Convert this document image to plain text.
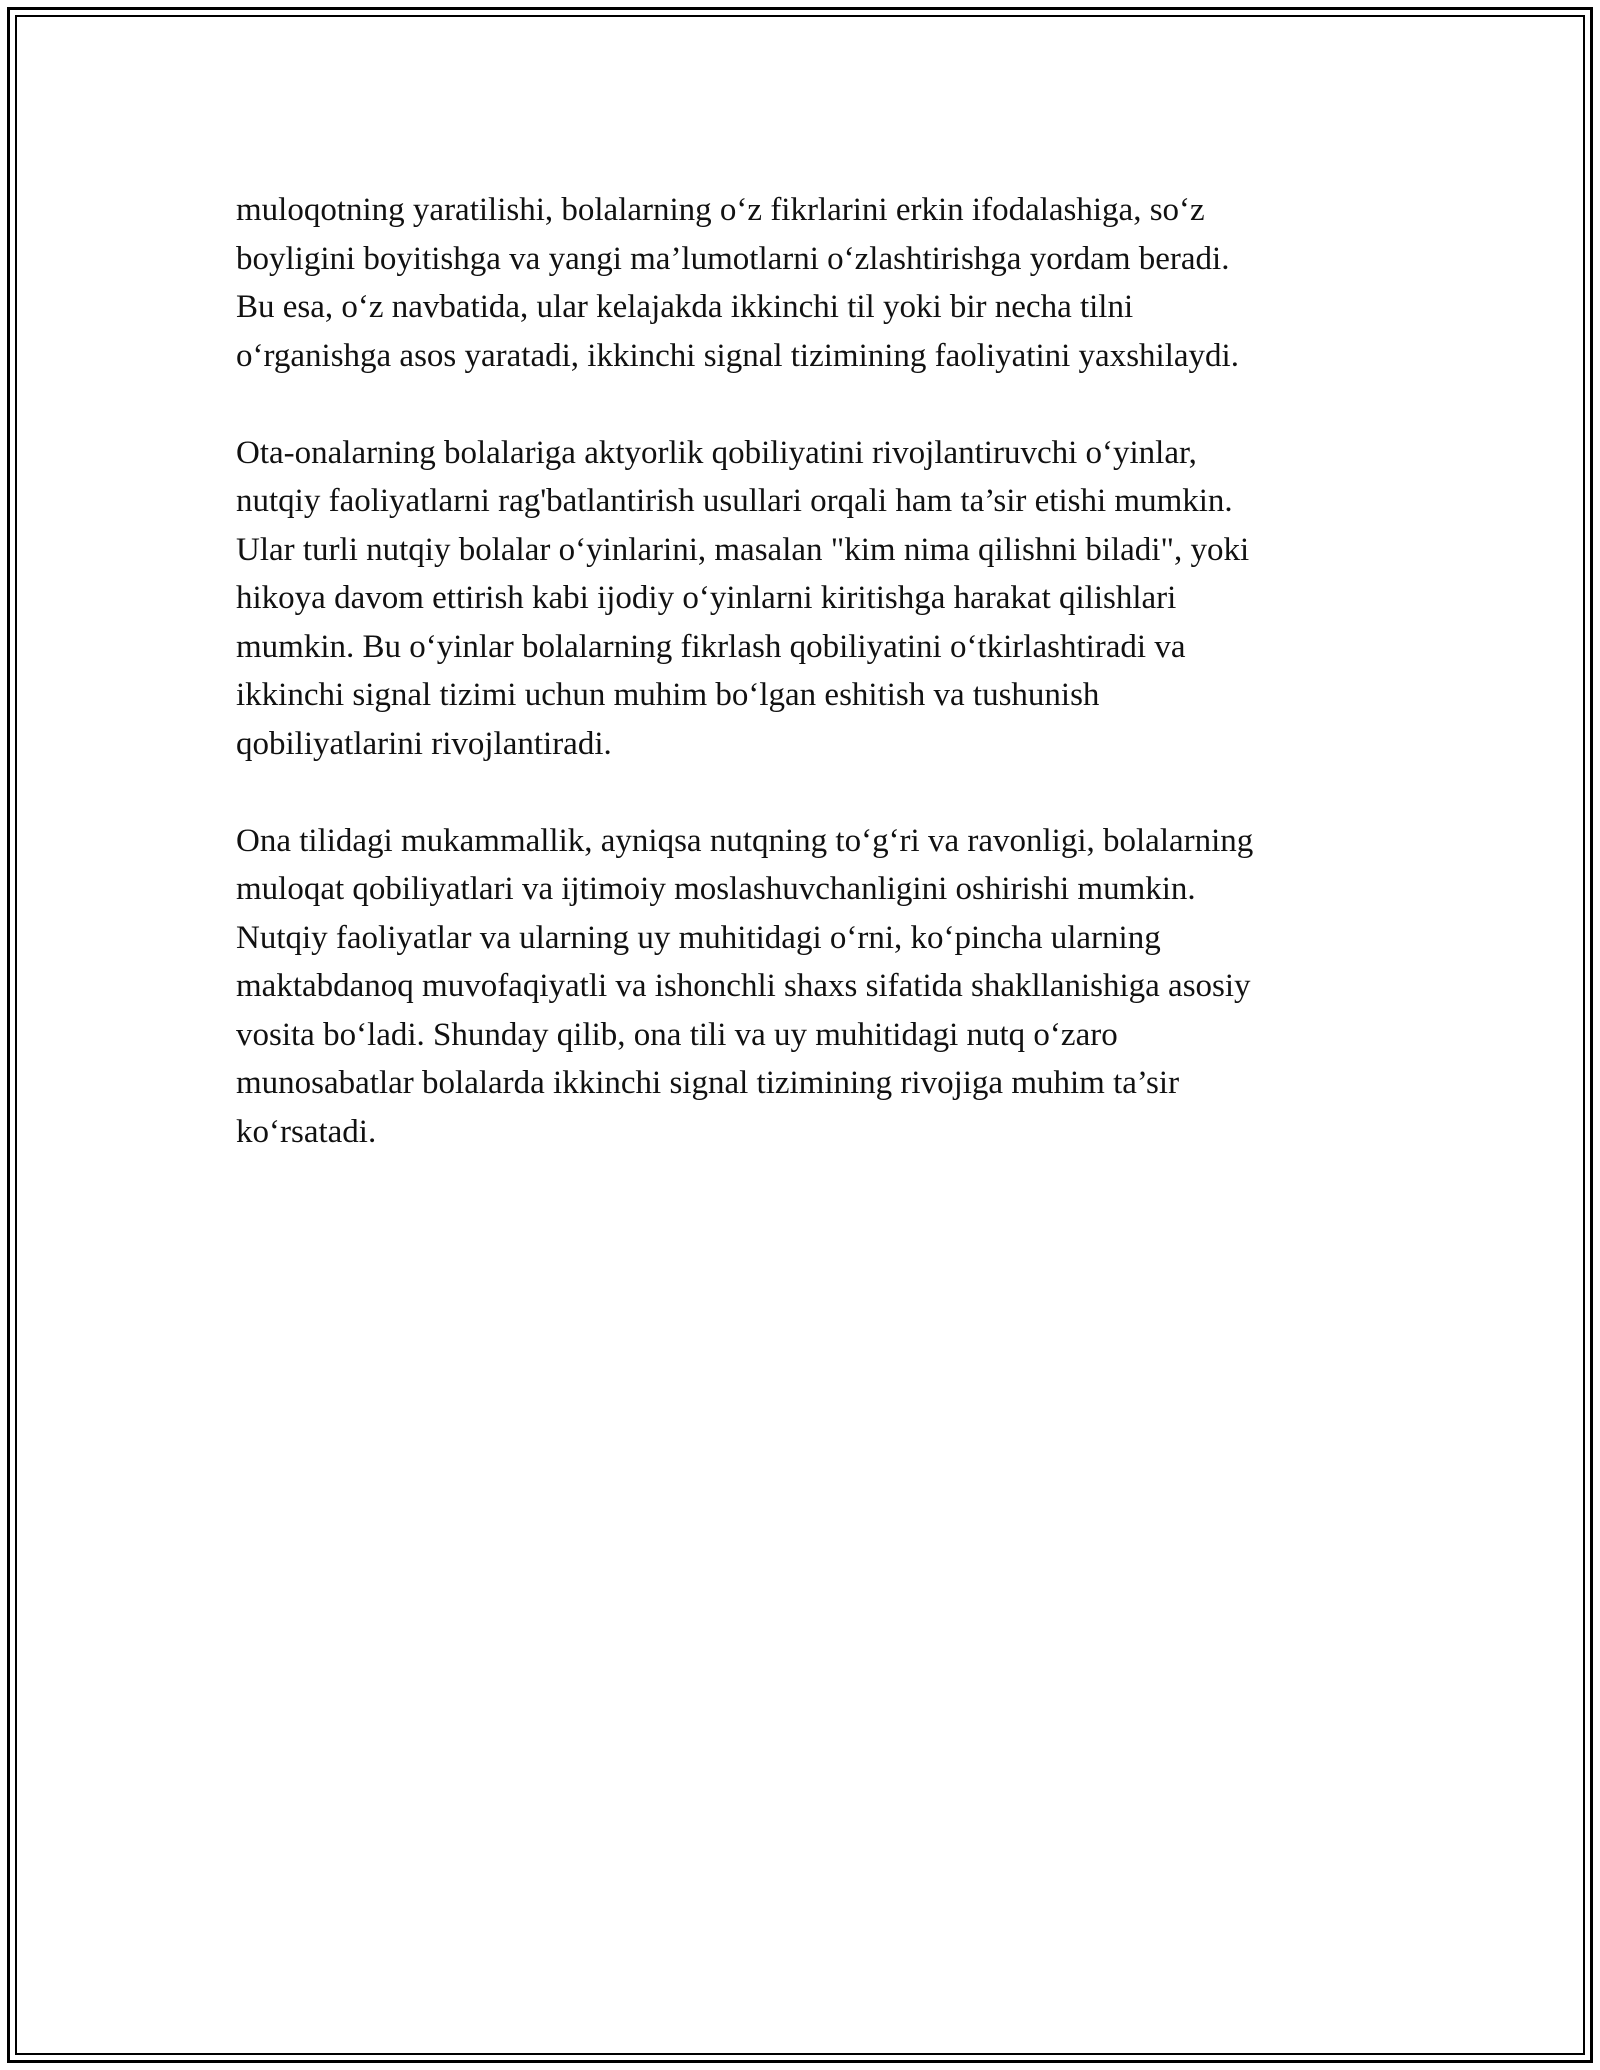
muloqotning yaratilishi, bolalarning o‘z fikrlarini erkin ifodalashiga, so‘z
boyligini boyitishga va yangi ma’lumotlarni o‘zlashtirishga yordam beradi.
Bu esa, o‘z navbatida, ular kelajakda ikkinchi til yoki bir necha tilni
o‘rganishga asos yaratadi, ikkinchi signal tizimining faoliyatini yaxshilaydi.

Ota-onalarning bolalariga aktyorlik qobiliyatini rivojlantiruvchi o‘yinlar,
nutqiy faoliyatlarni rag'batlantirish usullari orqali ham ta’sir etishi mumkin.
Ular turli nutqiy bolalar o‘yinlarini, masalan "kim nima qilishni biladi", yoki
hikoya davom ettirish kabi ijodiy o‘yinlarni kiritishga harakat qilishlari
mumkin. Bu o‘yinlar bolalarning fikrlash qobiliyatini o‘tkirlashtiradi va
ikkinchi signal tizimi uchun muhim bo‘lgan eshitish va tushunish
qobiliyatlarini rivojlantiradi.

Ona tilidagi mukammallik, ayniqsa nutqning to‘g‘ri va ravonligi, bolalarning
muloqat qobiliyatlari va ijtimoiy moslashuvchanligini oshirishi mumkin.
Nutqiy faoliyatlar va ularning uy muhitidagi o‘rni, ko‘pincha ularning
maktabdanoq muvofaqiyatli va ishonchli shaxs sifatida shakllanishiga asosiy
vosita bo‘ladi. Shunday qilib, ona tili va uy muhitidagi nutq o‘zaro
munosabatlar bolalarda ikkinchi signal tizimining rivojiga muhim ta’sir
ko‘rsatadi.
